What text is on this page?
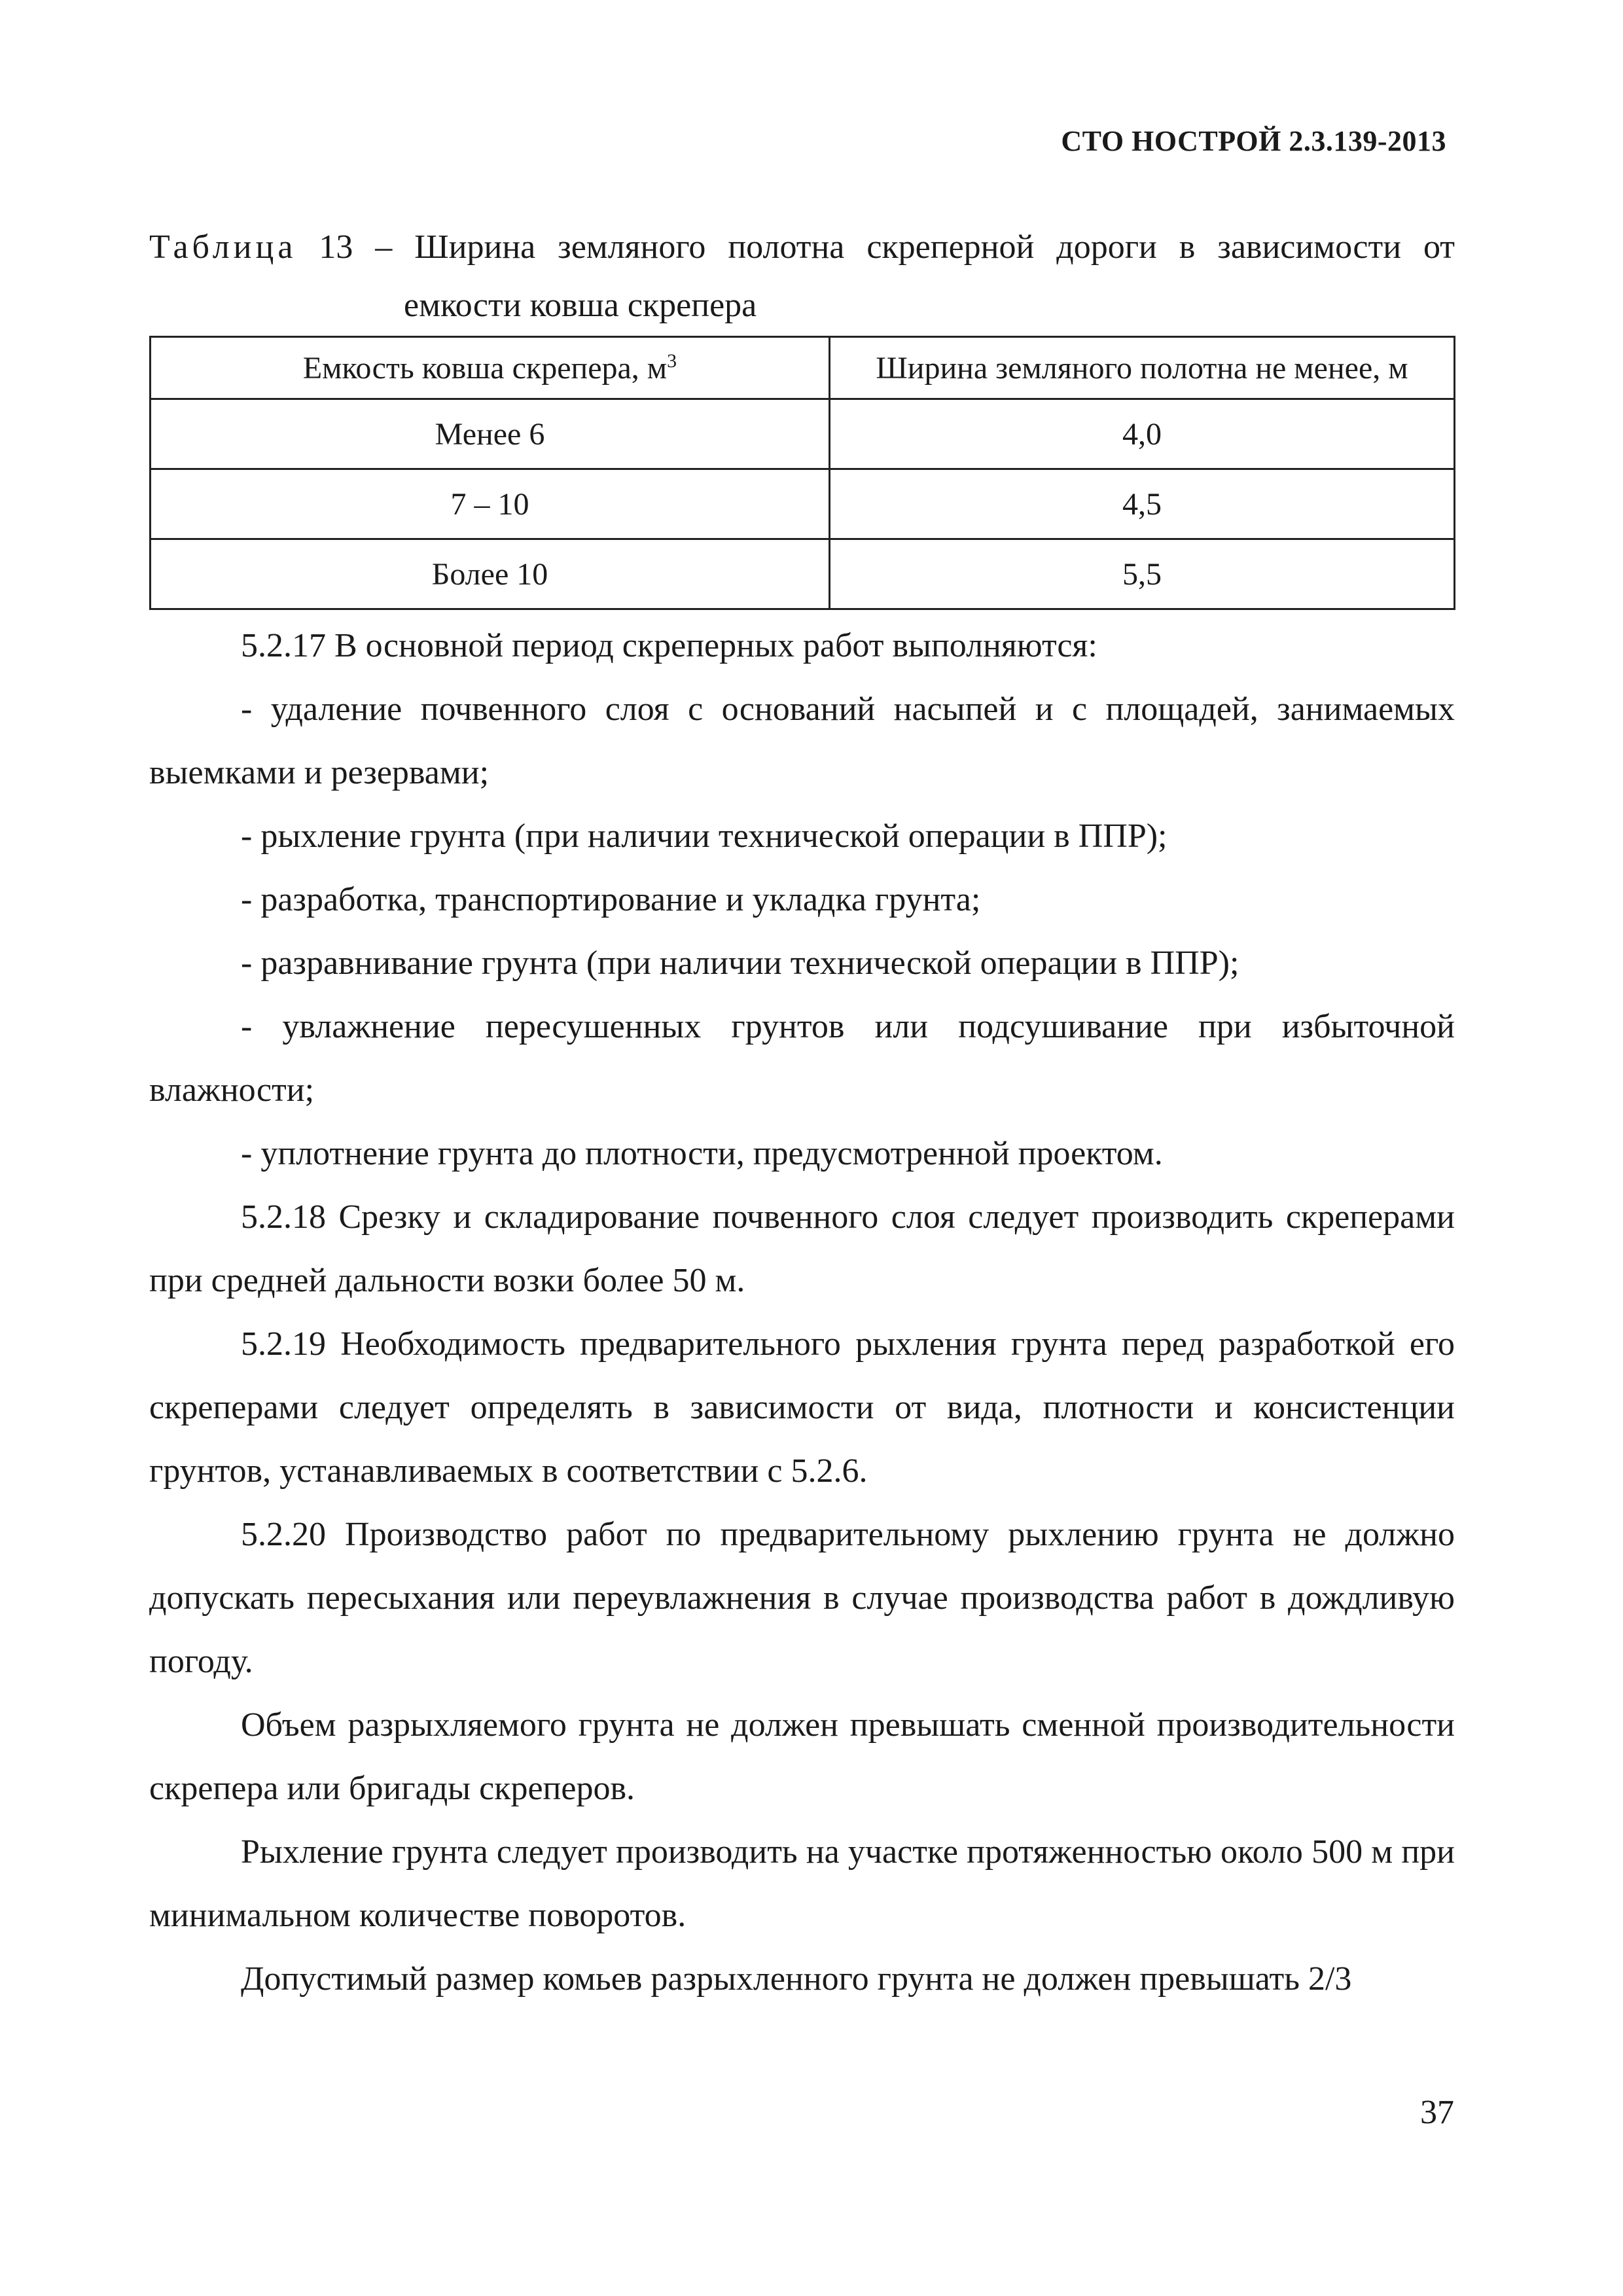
СТО НОСТРОЙ 2.3.139-2013
Таблица 13 – Ширина земляного полотна скреперной дороги в зависимости от
емкости ковша скрепера
Емкость ковша скрепера, $м^3$	Ширина земляного полотна не менее, м
Менее 6	4,0
7 – 10	4,5
Более 10	5,5

5.2.17 В основной период скреперных работ выполняются:

- удаление почвенного слоя с оснований насыпей и с площадей, занимаемых выемками и резервами;

- рыхление грунта (при наличии технической операции в ППР);

- разработка, транспортирование и укладка грунта;

- разравнивание грунта (при наличии технической операции в ППР);

- увлажнение пересушенных грунтов или подсушивание при избыточной влажности;

- уплотнение грунта до плотности, предусмотренной проектом.

5.2.18 Срезку и складирование почвенного слоя следует производить скреперами при средней дальности возки более 50 м.

5.2.19 Необходимость предварительного рыхления грунта перед разработкой его скреперами следует определять в зависимости от вида, плотности и консистенции грунтов, устанавливаемых в соответствии с 5.2.6.

5.2.20 Производство работ по предварительному рыхлению грунта не должно допускать пересыхания или переувлажнения в случае производства работ в дождливую погоду.

Объем разрыхляемого грунта не должен превышать сменной производительности скрепера или бригады скреперов.

Рыхление грунта следует производить на участке протяженностью около 500 м при минимальном количестве поворотов.

Допустимый размер комьев разрыхленного грунта не должен превышать 2/3

37
